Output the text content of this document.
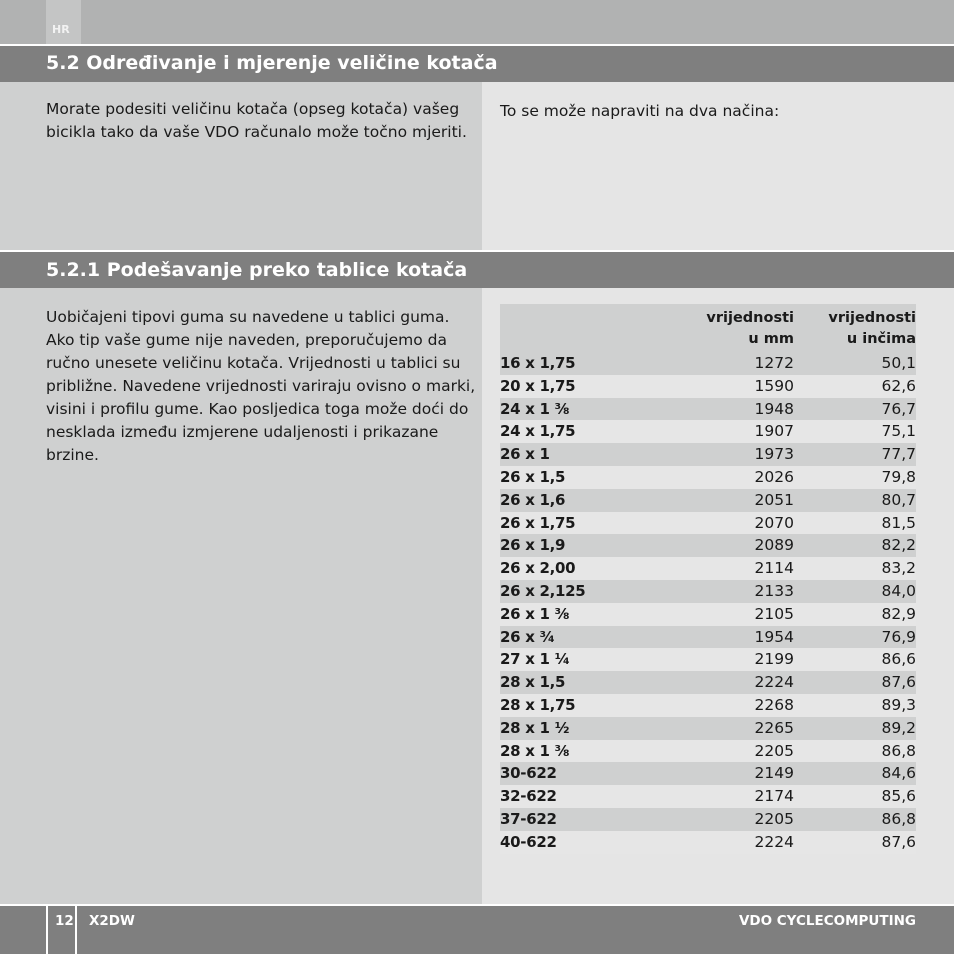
HR
5.2 Određivanje i mjerenje veličine kotača

Morate podesiti veličinu kotača (opseg kotača) vašeg bicikla tako da vaše VDO računalo može točno mjeriti.

To se može napraviti na dva načina:

5.2.1 Podešavanje preko tablice kotača

Uobičajeni tipovi guma su navedene u tablici guma. Ako tip vaše gume nije naveden, preporučujemo da ručno unesete veličinu kotača. Vrijednosti u tablici su približne. Navedene vrijednosti variraju ovisno o marki, visini i profilu gume. Kao posljedica toga može doći do nesklada između izmjerene udaljenosti i prikazane brzine.

vrijednosti
u mm
vrijednosti
u inčima
16 x 1,75	1272	50,1
20 x 1,75	1590	62,6
24 x 1 ³⁄₈	1948	76,7
24 x 1,75	1907	75,1
26 x 1	1973	77,7
26 x 1,5	2026	79,8
26 x 1,6	2051	80,7
26 x 1,75	2070	81,5
26 x 1,9	2089	82,2
26 x 2,00	2114	83,2
26 x 2,125	2133	84,0
26 x 1 ³⁄₈	2105	82,9
26 x ³⁄₄	1954	76,9
27 x 1 ¹⁄₄	2199	86,6
28 x 1,5	2224	87,6
28 x 1,75	2268	89,3
28 x 1 ¹⁄₂	2265	89,2
28 x 1 ³⁄₈	2205	86,8
30-622	2149	84,6
32-622	2174	85,6
37-622	2205	86,8
40-622	2224	87,6
12 X2DW	VDO CYCLECOMPUTING
